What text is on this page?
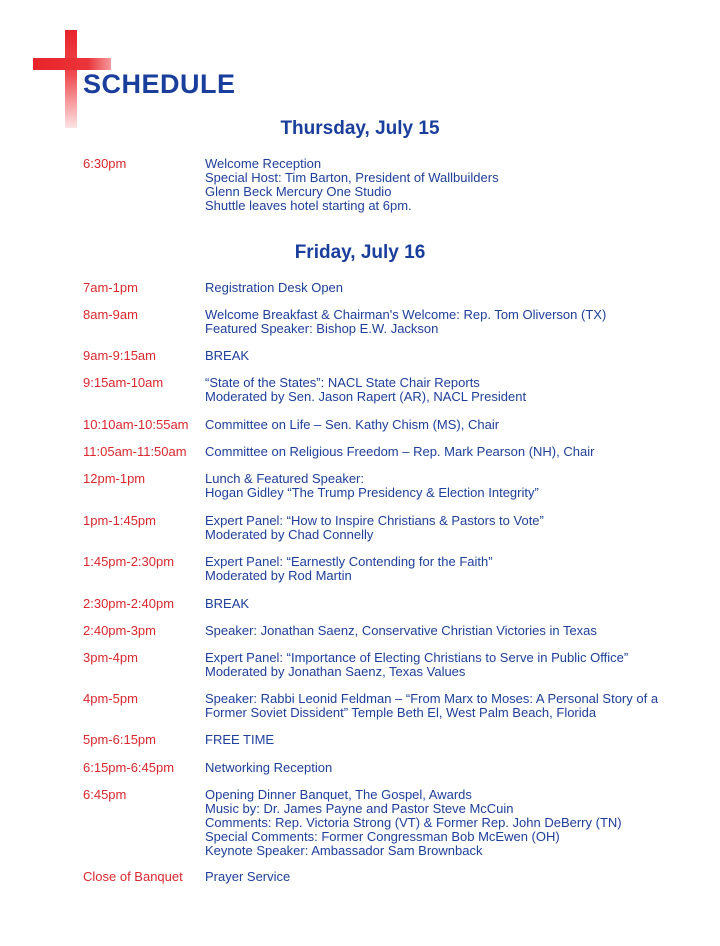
SCHEDULE
Thursday, July 15
6:30pm	Welcome Reception
Special Host: Tim Barton, President of Wallbuilders
Glenn Beck Mercury One Studio
Shuttle leaves hotel starting at 6pm.
Friday, July 16
7am-1pm	Registration Desk Open
8am-9am	Welcome Breakfast & Chairman's Welcome: Rep. Tom Oliverson (TX)
Featured Speaker: Bishop E.W. Jackson
9am-9:15am	BREAK
9:15am-10am	“State of the States”: NACL State Chair Reports
Moderated by Sen. Jason Rapert (AR), NACL President
10:10am-10:55am Committee on Life – Sen. Kathy Chism (MS), Chair
11:05am-11:50am Committee on Religious Freedom – Rep. Mark Pearson (NH), Chair
12pm-1pm	Lunch & Featured Speaker:
Hogan Gidley “The Trump Presidency & Election Integrity”
1pm-1:45pm	Expert Panel: “How to Inspire Christians & Pastors to Vote”
Moderated by Chad Connelly
1:45pm-2:30pm Expert Panel: “Earnestly Contending for the Faith”
Moderated by Rod Martin
2:30pm-2:40pm BREAK
2:40pm-3pm	Speaker: Jonathan Saenz, Conservative Christian Victories in Texas
3pm-4pm	Expert Panel: “Importance of Electing Christians to Serve in Public Office”
Moderated by Jonathan Saenz, Texas Values
4pm-5pm	Speaker: Rabbi Leonid Feldman – “From Marx to Moses: A Personal Story of a
Former Soviet Dissident” Temple Beth El, West Palm Beach, Florida
5pm-6:15pm	FREE TIME
6:15pm-6:45pm Networking Reception
6:45pm	Opening Dinner Banquet, The Gospel, Awards
Music by: Dr. James Payne and Pastor Steve McCuin
Comments: Rep. Victoria Strong (VT) & Former Rep. John DeBerry (TN)
Special Comments: Former Congressman Bob McEwen (OH)
Keynote Speaker: Ambassador Sam Brownback
Close of Banquet Prayer Service
